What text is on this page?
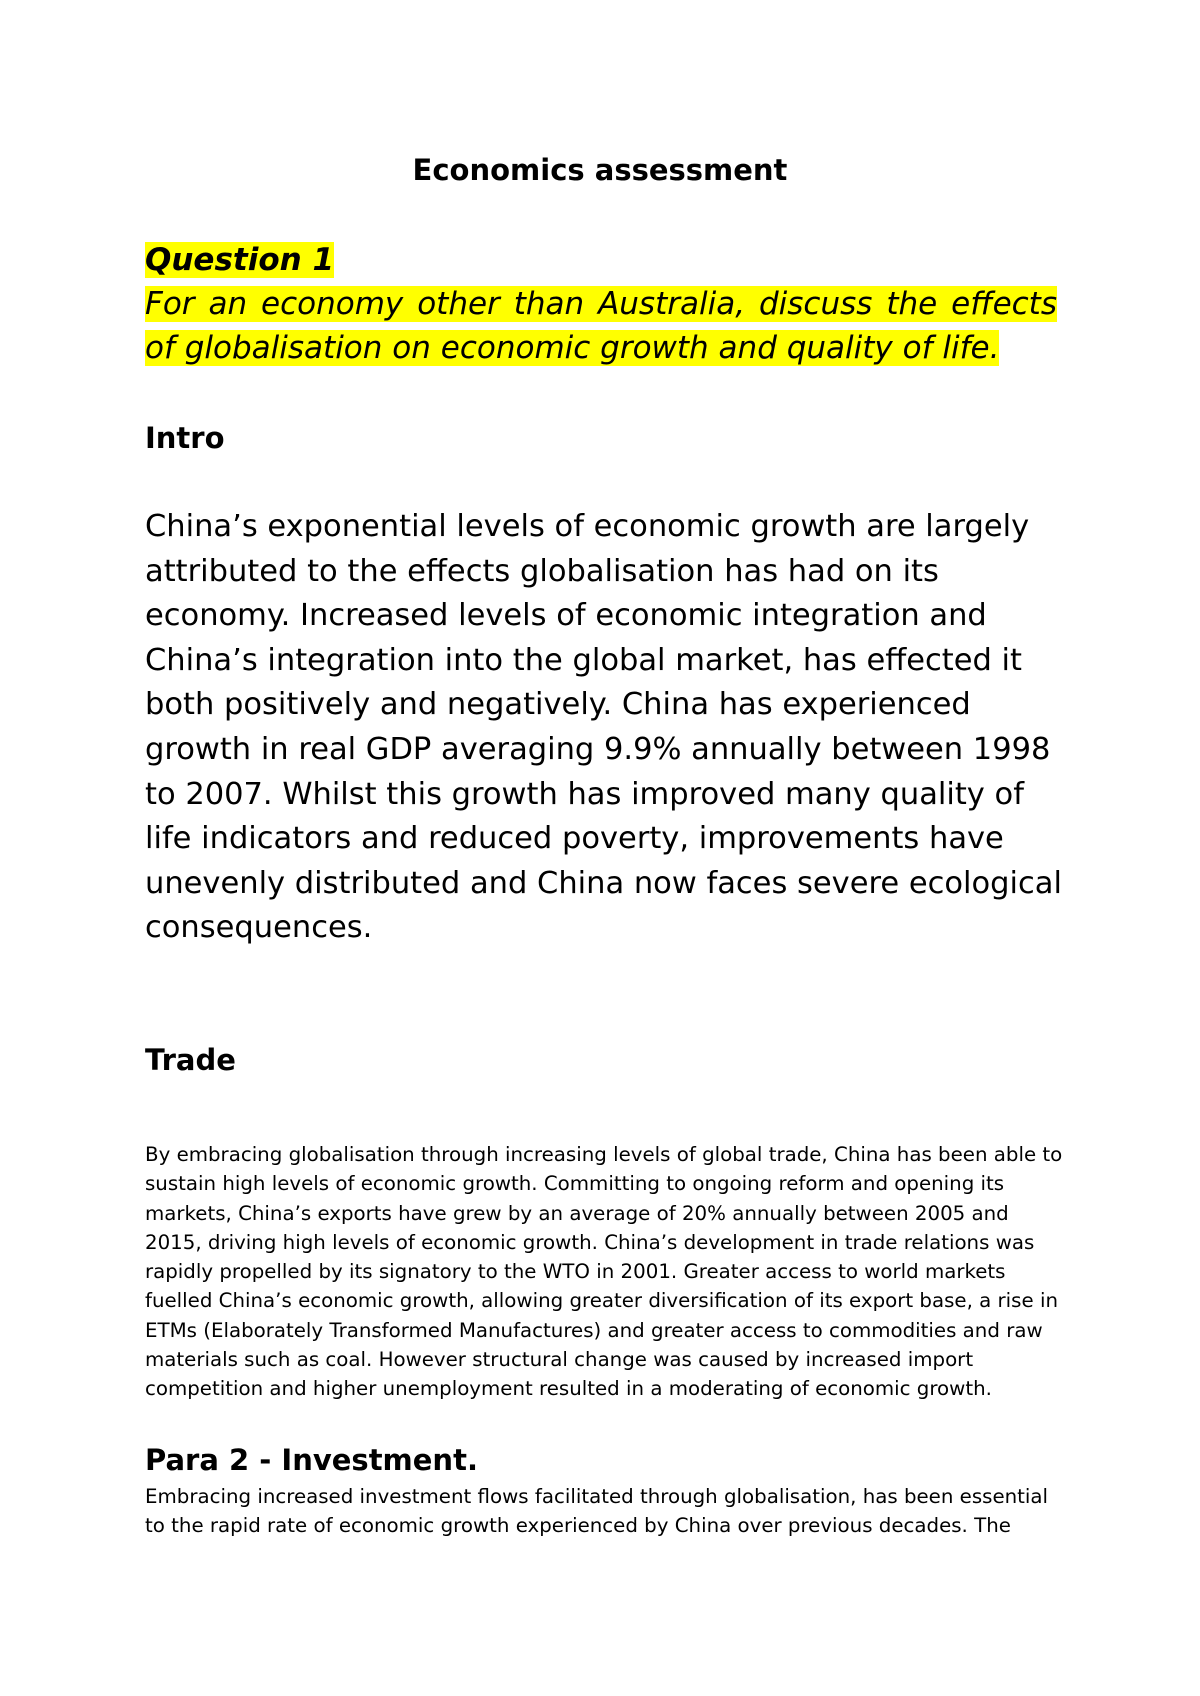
Economics assessment
Question 1
For an economy other than Australia, discuss the effects of globalisation on economic growth and quality of life.
Intro

China’s exponential levels of economic growth are largely attributed to the effects globalisation has had on its economy. Increased levels of economic integration and China’s integration into the global market, has effected it both positively and negatively. China has experienced growth in real GDP averaging 9.9% annually between 1998 to 2007. Whilst this growth has improved many quality of life indicators and reduced poverty, improvements have unevenly distributed and China now faces severe ecological consequences.

Trade

By embracing globalisation through increasing levels of global trade, China has been able to sustain high levels of economic growth. Committing to ongoing reform and opening its markets, China’s exports have grew by an average of 20% annually between 2005 and 2015, driving high levels of economic growth. China’s development in trade relations was rapidly propelled by its signatory to the WTO in 2001. Greater access to world markets fuelled China’s economic growth, allowing greater diversification of its export base, a rise in ETMs (Elaborately Transformed Manufactures) and greater access to commodities and raw materials such as coal. However structural change was caused by increased import competition and higher unemployment resulted in a moderating of economic growth.

Para 2 - Investment.

Embracing increased investment flows facilitated through globalisation, has been essential to the rapid rate of economic growth experienced by China over previous decades. The
